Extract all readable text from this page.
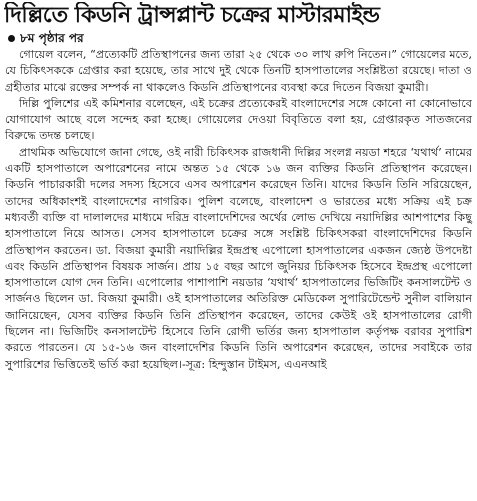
দিল্লিতে কিডনি ট্রান্সপ্লান্ট চক্রের মাস্টারমাইন্ড
৮ম পৃষ্ঠার পর

গোয়েল বলেন, “প্রত্যেকটি প্রতিস্থাপনের জন্য তারা ২৫ থেকে ৩০ লাখ রুপি নিতেন।” গোয়েলের মতে, যে চিকিৎসককে গ্রেপ্তার করা হয়েছে, তার সাথে দুই থেকে তিনটি হাসপাতালের সংশ্লিষ্টতা রয়েছে। দাতা ও গ্রহীতার মাঝে রক্তের সম্পর্ক না থাকলেও কিডনি প্রতিস্থাপনের ব্যবস্থা করে দিতেন বিজয়া কুমারী।

দিল্লি পুলিশের এই কমিশনার বলেছেন, এই চক্রের প্রত্যেকেরই বাংলাদেশের সঙ্গে কোনো না কোনোভাবে যোগাযোগ আছে বলে সন্দেহ করা হচ্ছে। গোয়েলের দেওয়া বিবৃতিতে বলা হয়, গ্রেপ্তারকৃত সাতজনের বিরুদ্ধে তদন্ত চলছে।

প্রাথমিক অভিযোগে জানা গেছে, ওই নারী চিকিৎসক রাজধানী দিল্লির সংলগ্ন নয়ডা শহরে ‘যথার্থ’ নামের একটি হাসপাতালে অপারেশনের নামে অন্তত ১৫ থেকে ১৬ জন ব্যক্তির কিডনি প্রতিস্থাপন করেছেন। কিডনি পাচারকারী দলের সদস্য হিসেবে এসব অপারেশন করেছেন তিনি। যাদের কিডনি তিনি সরিয়েছেন, তাদের অধিকাংশই বাংলাদেশের নাগরিক। পুলিশ বলেছে, বাংলাদেশ ও ভারতের মধ্যে সক্রিয় এই চক্র মধ্যবর্তী ব্যক্তি বা দালালদের মাধ্যমে দরিদ্র বাংলাদেশিদের অর্থের লোভ দেখিয়ে নয়াদিল্লির আশপাশের কিছু হাসপাতালে নিয়ে আসত। সেসব হাসপাতালে চক্রের সঙ্গে সংশ্লিষ্ট চিকিৎসকরা বাংলাদেশিদের কিডনি প্রতিস্থাপন করতেন। ডা. বিজয়া কুমারী নয়াদিল্লির ইন্দ্রপ্রস্থ এপোলো হাসপাতালের একজন জ্যেষ্ঠ উপদেষ্টা এবং কিডনি প্রতিস্থাপন বিষয়ক সার্জন। প্রায় ১৫ বছর আগে জুনিয়র চিকিৎসক হিসেবে ইন্দ্রপ্রস্থ এপোলো হাসপাতালে যোগ দেন তিনি। এপোলোর পাশাপাশি নয়ডার ‘যথার্থ’ হাসপাতালের ভিজিটিং কনসালটেন্ট ও সার্জনও ছিলেন ডা. বিজয়া কুমারী। ওই হাসপাতালের অতিরিক্ত মেডিকেল সুপারিটেন্ডেন্ট সুনীল বালিয়ান জানিয়েছেন, যেসব ব্যক্তির কিডনি তিনি প্রতিস্থাপন করেছেন, তাদের কেউই ওই হাসপাতালের রোগী ছিলেন না। ভিজিটিং কনসালটেন্ট হিসেবে তিনি রোগী ভর্তির জন্য হাসপাতাল কর্তৃপক্ষ বরাবর সুপারিশ করতে পারতেন। যে ১৫-১৬ জন বাংলাদেশির কিডনি তিনি অপারেশন করেছেন, তাদের সবাইকে তার সুপারিশের ভিত্তিতেই ভর্তি করা হয়েছিল।-সূত্র: হিন্দুস্তান টাইমস, এএনআই
